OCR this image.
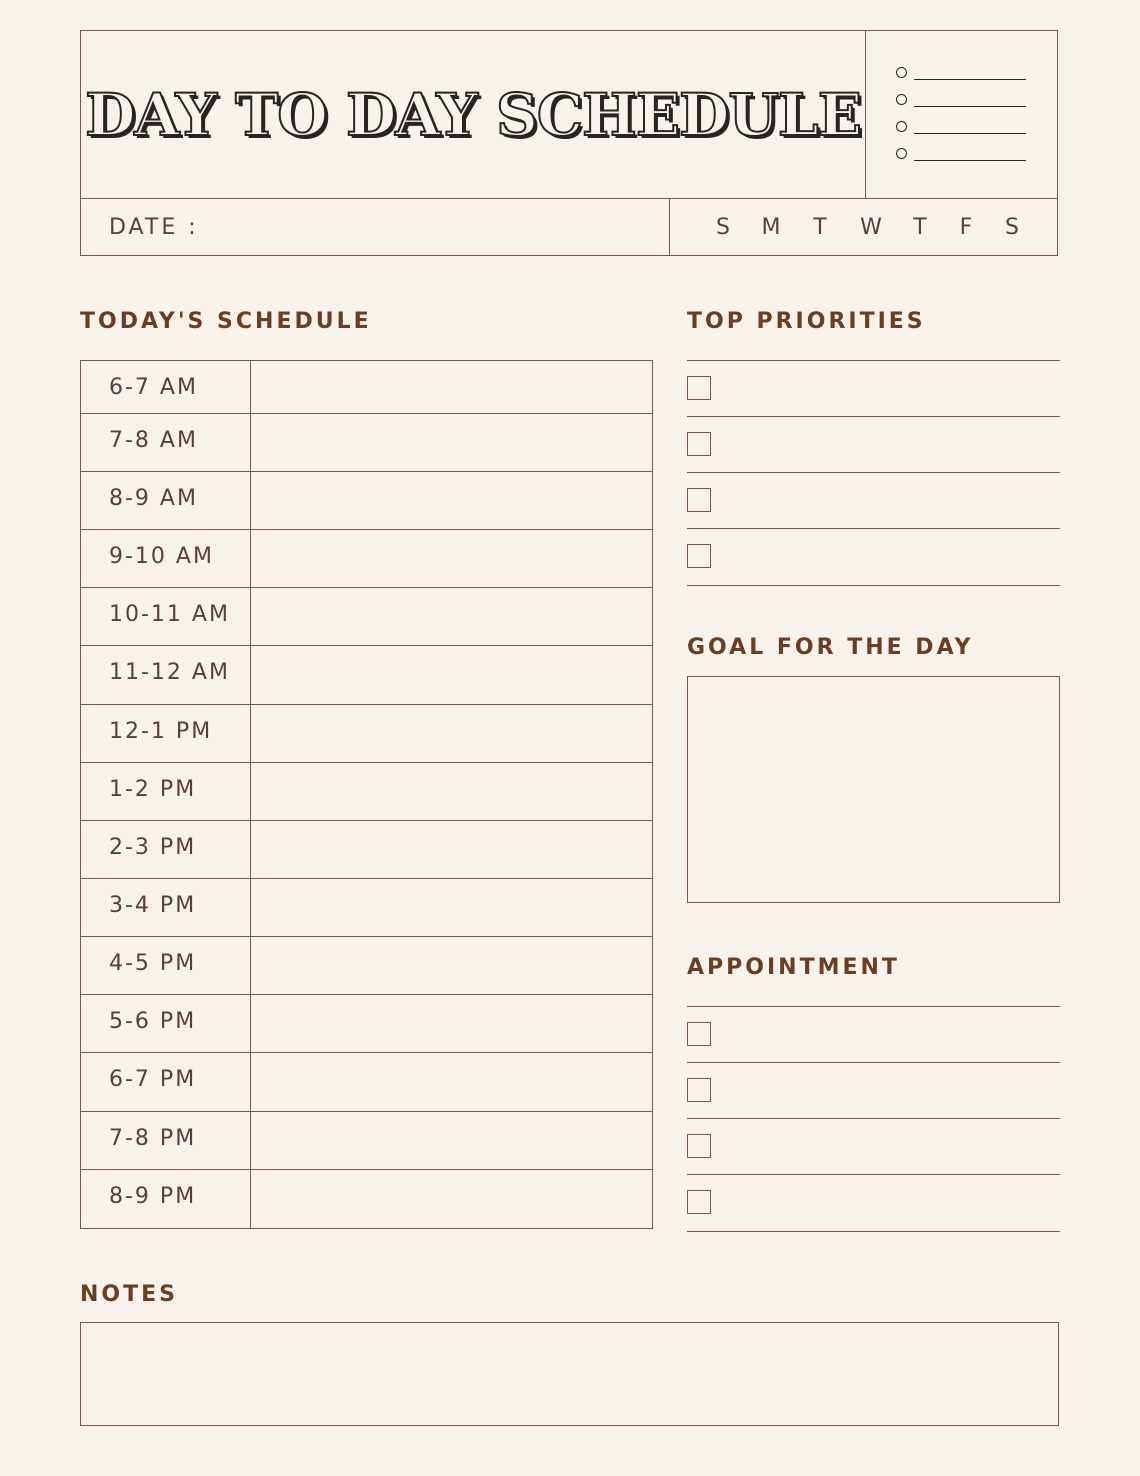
DAY TO DAY SCHEDULE
DATE :	S	M	T	W	T	F	S
TODAY'S SCHEDULE	TOP PRIORITIES
GOAL FOR THE DAY
APPOINTMENT
NOTES
6-7 AM
7-8 AM
8-9 AM
9-10 AM
10-11 AM
11-12 AM
12-1 PM
1-2 PM
2-3 PM
3-4 PM
4-5 PM
5-6 PM
6-7 PM
7-8 PM
8-9 PM
